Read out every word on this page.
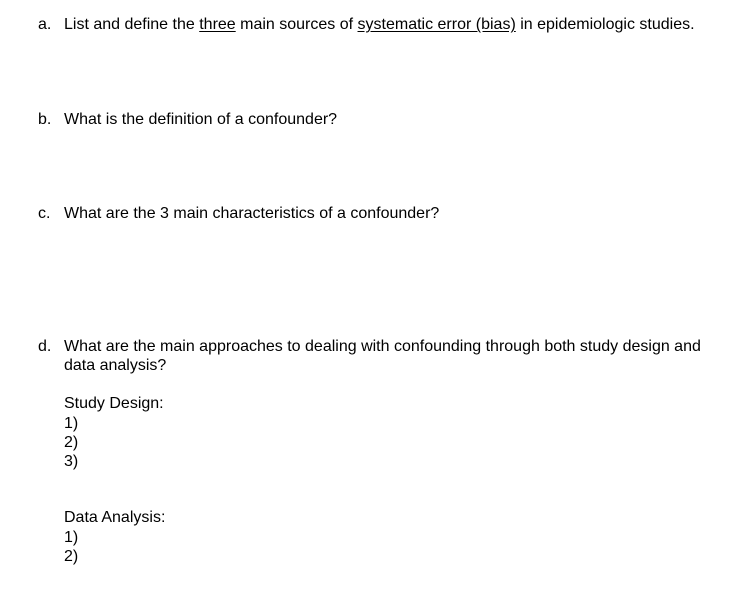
a. List and define the three main sources of systematic error (bias) in epidemiologic studies.
b. What is the definition of a confounder?
c. What are the 3 main characteristics of a confounder?
d. What are the main approaches to dealing with confounding through both study design and data analysis?
Study Design:
1)
2)
3)
Data Analysis:
1)
2)
